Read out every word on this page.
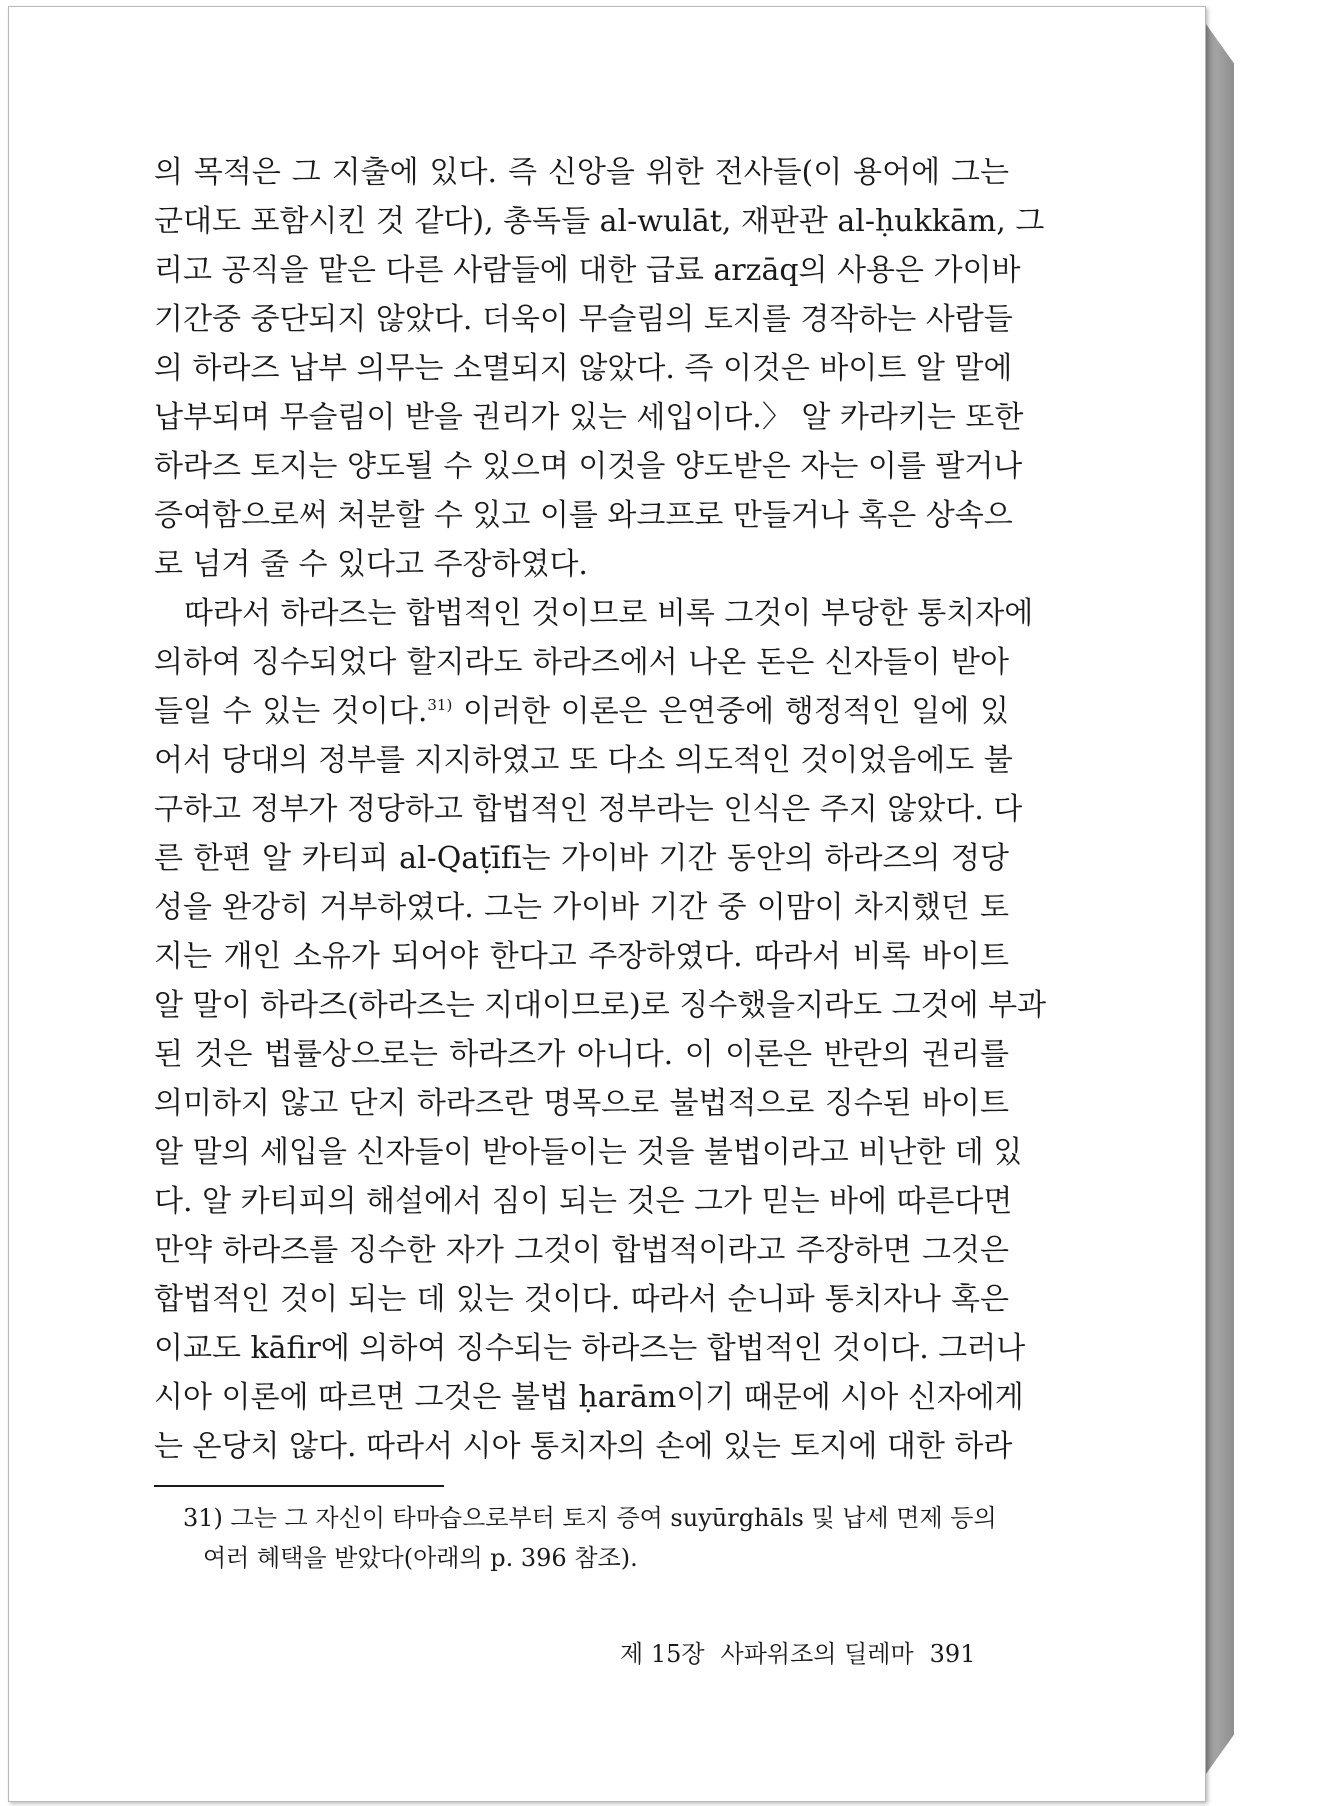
의 목적은 그 지출에 있다. 즉 신앙을 위한 전사들(이 용어에 그는
군대도 포함시킨 것 같다), 총독들 al-wulāt, 재판관 al-ḥukkām, 그
리고 공직을 맡은 다른 사람들에 대한 급료 arzāq의 사용은 가이바
기간중 중단되지 않았다. 더욱이 무슬림의 토지를 경작하는 사람들
의 하라즈 납부 의무는 소멸되지 않았다. 즉 이것은 바이트 알 말에
납부되며 무슬림이 받을 권리가 있는 세입이다.〉 알 카라키는 또한
하라즈 토지는 양도될 수 있으며 이것을 양도받은 자는 이를 팔거나
증여함으로써 처분할 수 있고 이를 와크프로 만들거나 혹은 상속으
로 넘겨 줄 수 있다고 주장하였다.
따라서 하라즈는 합법적인 것이므로 비록 그것이 부당한 통치자에
의하여 징수되었다 할지라도 하라즈에서 나온 돈은 신자들이 받아
들일 수 있는 것이다.$^{31)}$ 이러한 이론은 은연중에 행정적인 일에 있
어서 당대의 정부를 지지하였고 또 다소 의도적인 것이었음에도 불
구하고 정부가 정당하고 합법적인 정부라는 인식은 주지 않았다. 다
른 한편 알 카티피 al-Qaṭīfī는 가이바 기간 동안의 하라즈의 정당
성을 완강히 거부하였다. 그는 가이바 기간 중 이맘이 차지했던 토
지는 개인 소유가 되어야 한다고 주장하였다. 따라서 비록 바이트
알 말이 하라즈(하라즈는 지대이므로)로 징수했을지라도 그것에 부과
된 것은 법률상으로는 하라즈가 아니다. 이 이론은 반란의 권리를
의미하지 않고 단지 하라즈란 명목으로 불법적으로 징수된 바이트
알 말의 세입을 신자들이 받아들이는 것을 불법이라고 비난한 데 있
다. 알 카티피의 해설에서 짐이 되는 것은 그가 믿는 바에 따른다면
만약 하라즈를 징수한 자가 그것이 합법적이라고 주장하면 그것은
합법적인 것이 되는 데 있는 것이다. 따라서 순니파 통치자나 혹은
이교도 kāfir에 의하여 징수되는 하라즈는 합법적인 것이다. 그러나
시아 이론에 따르면 그것은 불법 ḥarām이기 때문에 시아 신자에게
는 온당치 않다. 따라서 시아 통치자의 손에 있는 토지에 대한 하라
31) 그는 그 자신이 타마습으로부터 토지 증여 suyūrghāls 및 납세 면제 등의
여러 혜택을 받았다(아래의 p. 396 참조).
제 15장 사파위조의 딜레마 391
